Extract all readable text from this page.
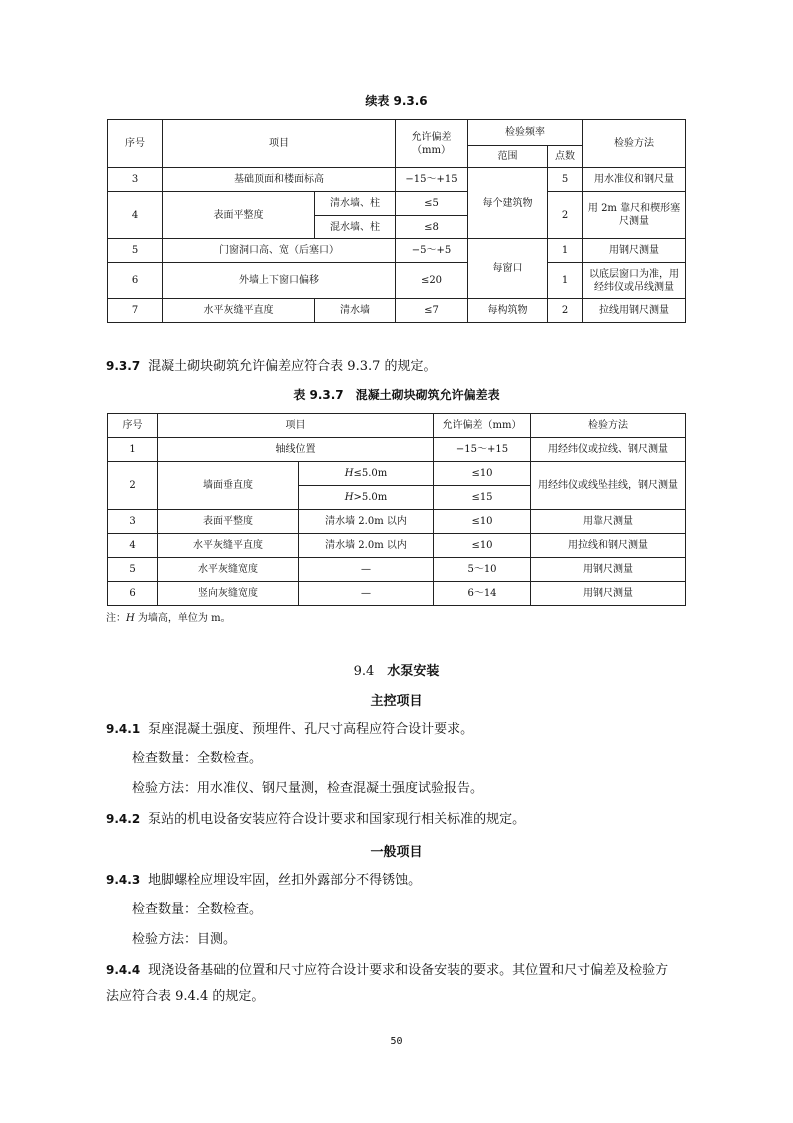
续表 9.3.6
序号	项目		允许偏差
（mm）	检验频率		检验方法
				范围	点数	
3	基础顶面和楼面标高		−15～+15	每个建筑物	5	用水准仪和钢尺量
4	表面平整度	清水墙、柱	≤5		2	用 2m 靠尺和楔形塞尺测量
		混水墙、柱	≤8			
5	门窗洞口高、宽（后塞口）		−5～+5	每窗口	1	用钢尺测量
6	外墙上下窗口偏移		≤20		1	以底层窗口为准，用经纬仪或吊线测量
7	水平灰缝平直度	清水墙	≤7	每构筑物	2	拉线用钢尺测量
9.3.7 混凝土砌块砌筑允许偏差应符合表 9.3.7 的规定。
表 9.3.7　混凝土砌块砌筑允许偏差表
序号	项目		允许偏差（mm）	检验方法
1	轴线位置		−15～+15	用经纬仪或拉线、钢尺测量
2	墙面垂直度	H≤5.0m	≤10	用经纬仪或线坠挂线，钢尺测量
		H>5.0m	≤15	
3	表面平整度	清水墙 2.0m 以内	≤10	用靠尺测量
4	水平灰缝平直度	清水墙 2.0m 以内	≤10	用拉线和钢尺测量
5	水平灰缝宽度	—	5～10	用钢尺测量
6	竖向灰缝宽度	—	6～14	用钢尺测量
注：H 为墙高，单位为 m。
9.4  水泵安装
主控项目
9.4.1 泵座混凝土强度、预埋件、孔尺寸高程应符合设计要求。
检查数量：全数检查。
检验方法：用水准仪、钢尺量测，检查混凝土强度试验报告。
9.4.2 泵站的机电设备安装应符合设计要求和国家现行相关标准的规定。
一般项目
9.4.3 地脚螺栓应埋设牢固，丝扣外露部分不得锈蚀。
检查数量：全数检查。
检验方法：目测。
9.4.4 现浇设备基础的位置和尺寸应符合设计要求和设备安装的要求。其位置和尺寸偏差及检验方
法应符合表 9.4.4 的规定。
50
